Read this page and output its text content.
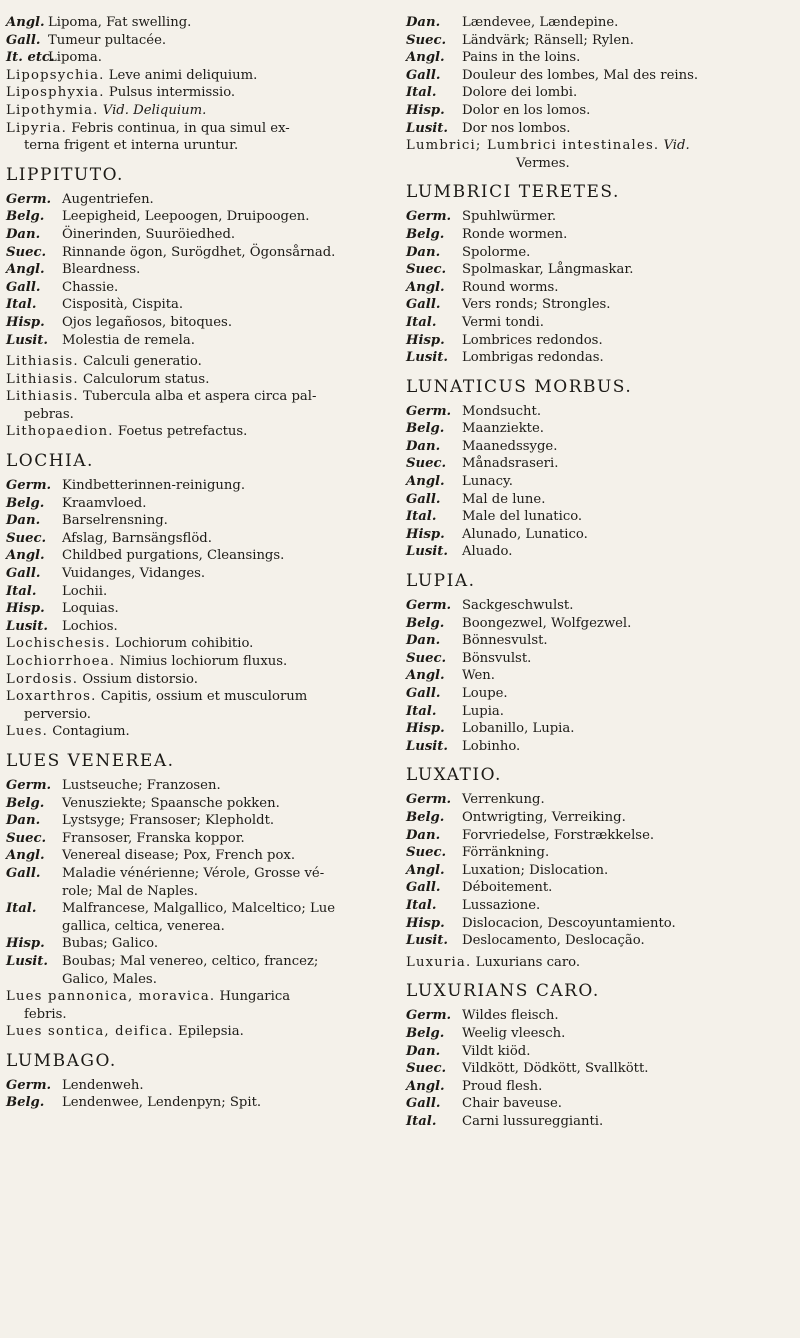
Angl. Lipoma, Fat swelling.
Gall. Tumeur pultacée.
It. etc.Lipoma.
Lipopsychia. Leve animi deliquium.
Liposphyxia. Pulsus intermissio.
Lipothymia. Vid. Deliquium.
Lipyria. Febris continua, in qua simul ex-
terna frigent et interna uruntur.
LIPPITUTO.
Germ. Augentriefen.
Belg. Leepigheid, Leepoogen, Druipoogen.
Dan. Öinerinden, Suuröiedhed.
Suec. Rinnande ögon, Surögdhet, Ögonsårnad.
Angl. Bleardness.
Gall. Chassie.
Ital. Cisposità, Cispita.
Hisp. Ojos legañosos, bitoques.
Lusit. Molestia de remela.
Lithiasis. Calculi generatio.
Lithiasis. Calculorum status.
Lithiasis. Tubercula alba et aspera circa pal-
pebras.
Lithopaedion. Foetus petrefactus.
LOCHIA.
Germ. Kindbetterinnen-reinigung.
Belg. Kraamvloed.
Dan. Barselrensning.
Suec. Afslag, Barnsängsflöd.
Angl. Childbed purgations, Cleansings.
Gall. Vuidanges, Vidanges.
Ital. Lochii.
Hisp. Loquias.
Lusit. Lochios.
Lochischesis. Lochiorum cohibitio.
Lochiorrhoea. Nimius lochiorum fluxus.
Lordosis. Ossium distorsio.
Loxarthros. Capitis, ossium et musculorum
perversio.
Lues. Contagium.
LUES VENEREA.
Germ. Lustseuche; Franzosen.
Belg. Venusziekte; Spaansche pokken.
Dan. Lystsyge; Fransoser; Klepholdt.
Suec. Fransoser, Franska koppor.
Angl. Venereal disease; Pox, French pox.
Gall. Maladie vénérienne; Vérole, Grosse vé-
role; Mal de Naples.
Ital. Malfrancese, Malgallico, Malceltico; Lue
gallica, celtica, venerea.
Hisp. Bubas; Galico.
Lusit. Boubas; Mal venereo, celtico, francez;
Galico, Males.
Lues pannonica, moravica. Hungarica
febris.
Lues sontica, deifica. Epilepsia.
LUMBAGO.
Germ. Lendenweh.
Belg. Lendenwee, Lendenpyn; Spit.
Dan. Lændevee, Lændepine.
Suec. Ländvärk; Ränsell; Rylen.
Angl. Pains in the loins.
Gall. Douleur des lombes, Mal des reins.
Ital. Dolore dei lombi.
Hisp. Dolor en los lomos.
Lusit. Dor nos lombos.
Lumbrici; Lumbrici intestinales. Vid.
Vermes.
LUMBRICI TERETES.
Germ. Spuhlwürmer.
Belg. Ronde wormen.
Dan. Spolorme.
Suec. Spolmaskar, Långmaskar.
Angl. Round worms.
Gall. Vers ronds; Strongles.
Ital. Vermi tondi.
Hisp. Lombrices redondos.
Lusit. Lombrigas redondas.
LUNATICUS MORBUS.
Germ. Mondsucht.
Belg. Maanziekte.
Dan. Maanedssyge.
Suec. Månadsraseri.
Angl. Lunacy.
Gall. Mal de lune.
Ital. Male del lunatico.
Hisp. Alunado, Lunatico.
Lusit. Aluado.
LUPIA.
Germ. Sackgeschwulst.
Belg. Boongezwel, Wolfgezwel.
Dan. Bönnesvulst.
Suec. Bönsvulst.
Angl. Wen.
Gall. Loupe.
Ital. Lupia.
Hisp. Lobanillo, Lupia.
Lusit. Lobinho.
LUXATIO.
Germ. Verrenkung.
Belg. Ontwrigting, Verreiking.
Dan. Forvriedelse, Forstrækkelse.
Suec. Förränkning.
Angl. Luxation; Dislocation.
Gall. Déboitement.
Ital. Lussazione.
Hisp. Dislocacion, Descoyuntamiento.
Lusit. Deslocamento, Deslocação.
Luxuria. Luxurians caro.
LUXURIANS CARO.
Germ. Wildes fleisch.
Belg. Weelig vleesch.
Dan. Vildt kiöd.
Suec. Vildkött, Dödkött, Svallkött.
Angl. Proud flesh.
Gall. Chair baveuse.
Ital. Carni lussureggianti.
